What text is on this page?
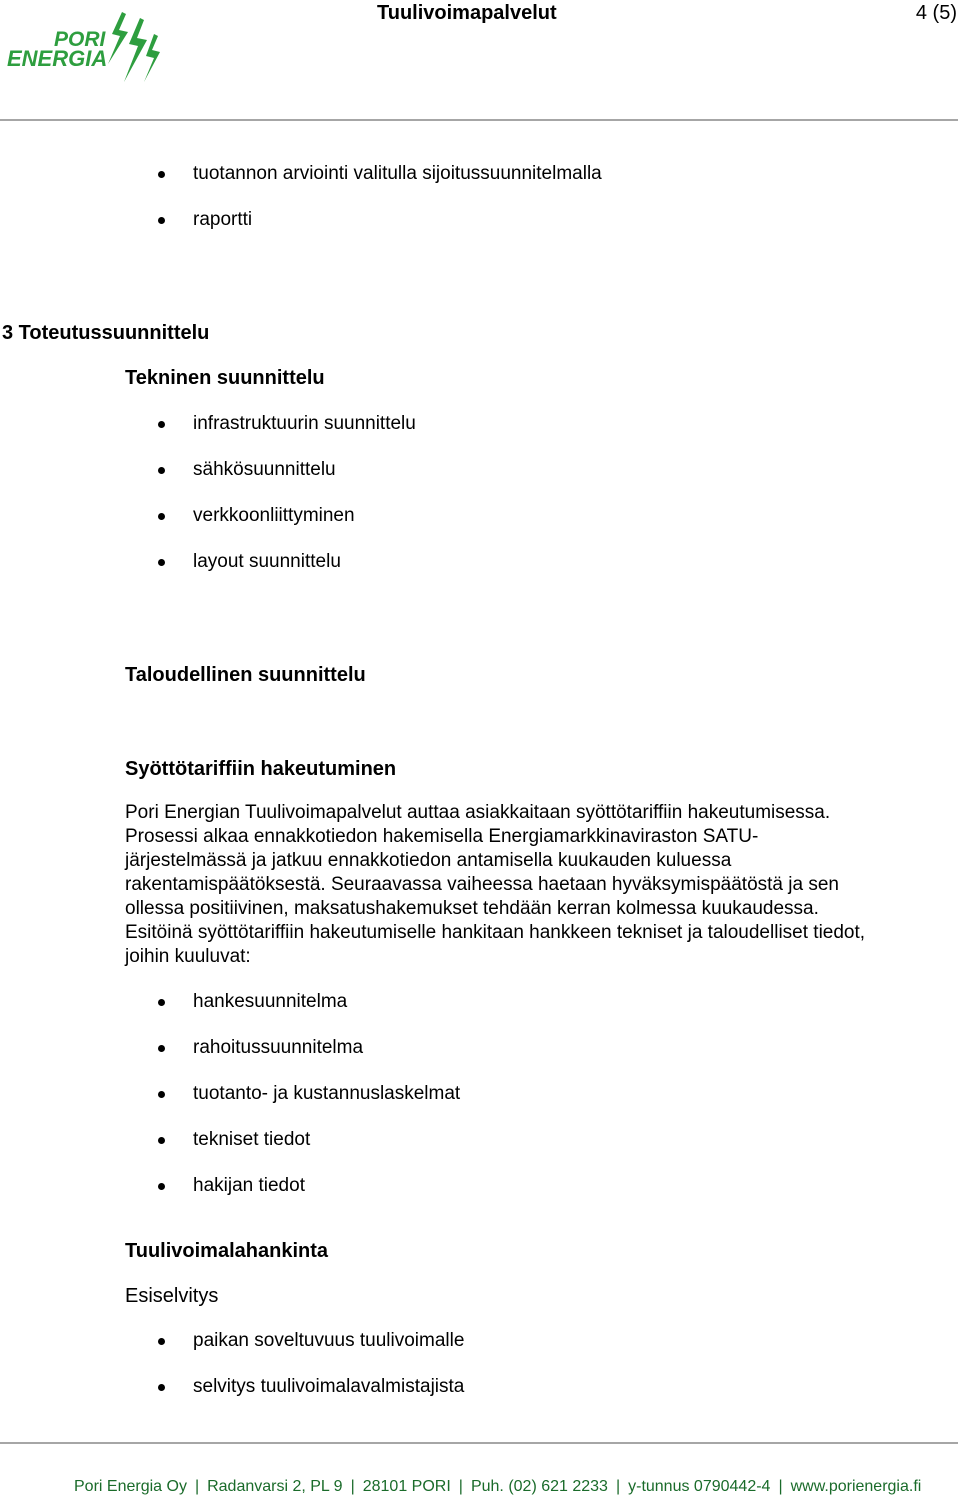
Tuulivoimapalvelut	4 (5)
PORI
ENERGIA
tuotannon arviointi valitulla sijoitussuunnitelmalla
raportti
3 Toteutussuunnittelu
Tekninen suunnittelu
infrastruktuurin suunnittelu
sähkösuunnittelu
verkkoonliittyminen
layout suunnittelu
Taloudellinen suunnittelu
Syöttötariffiin hakeutuminen

Pori Energian Tuulivoimapalvelut auttaa asiakkaitaan syöttötariffiin hakeutumisessa.
Prosessi alkaa ennakkotiedon hakemisella Energiamarkkinaviraston SATU-
järjestelmässä ja jatkuu ennakkotiedon antamisella kuukauden kuluessa
rakentamispäätöksestä. Seuraavassa vaiheessa haetaan hyväksymispäätöstä ja sen
ollessa positiivinen, maksatushakemukset tehdään kerran kolmessa kuukaudessa.
Esitöinä syöttötariffiin hakeutumiselle hankitaan hankkeen tekniset ja taloudelliset tiedot,
joihin kuuluvat:

hankesuunnitelma
rahoitussuunnitelma
tuotanto- ja kustannuslaskelmat
tekniset tiedot
hakijan tiedot
Tuulivoimalahankinta
Esiselvitys
paikan soveltuvuus tuulivoimalle
selvitys tuulivoimalavalmistajista
Pori Energia Oy | Radanvarsi 2, PL 9 | 28101 PORI | Puh. (02) 621 2233 | y-tunnus 0790442-4 | www.porienergia.fi
